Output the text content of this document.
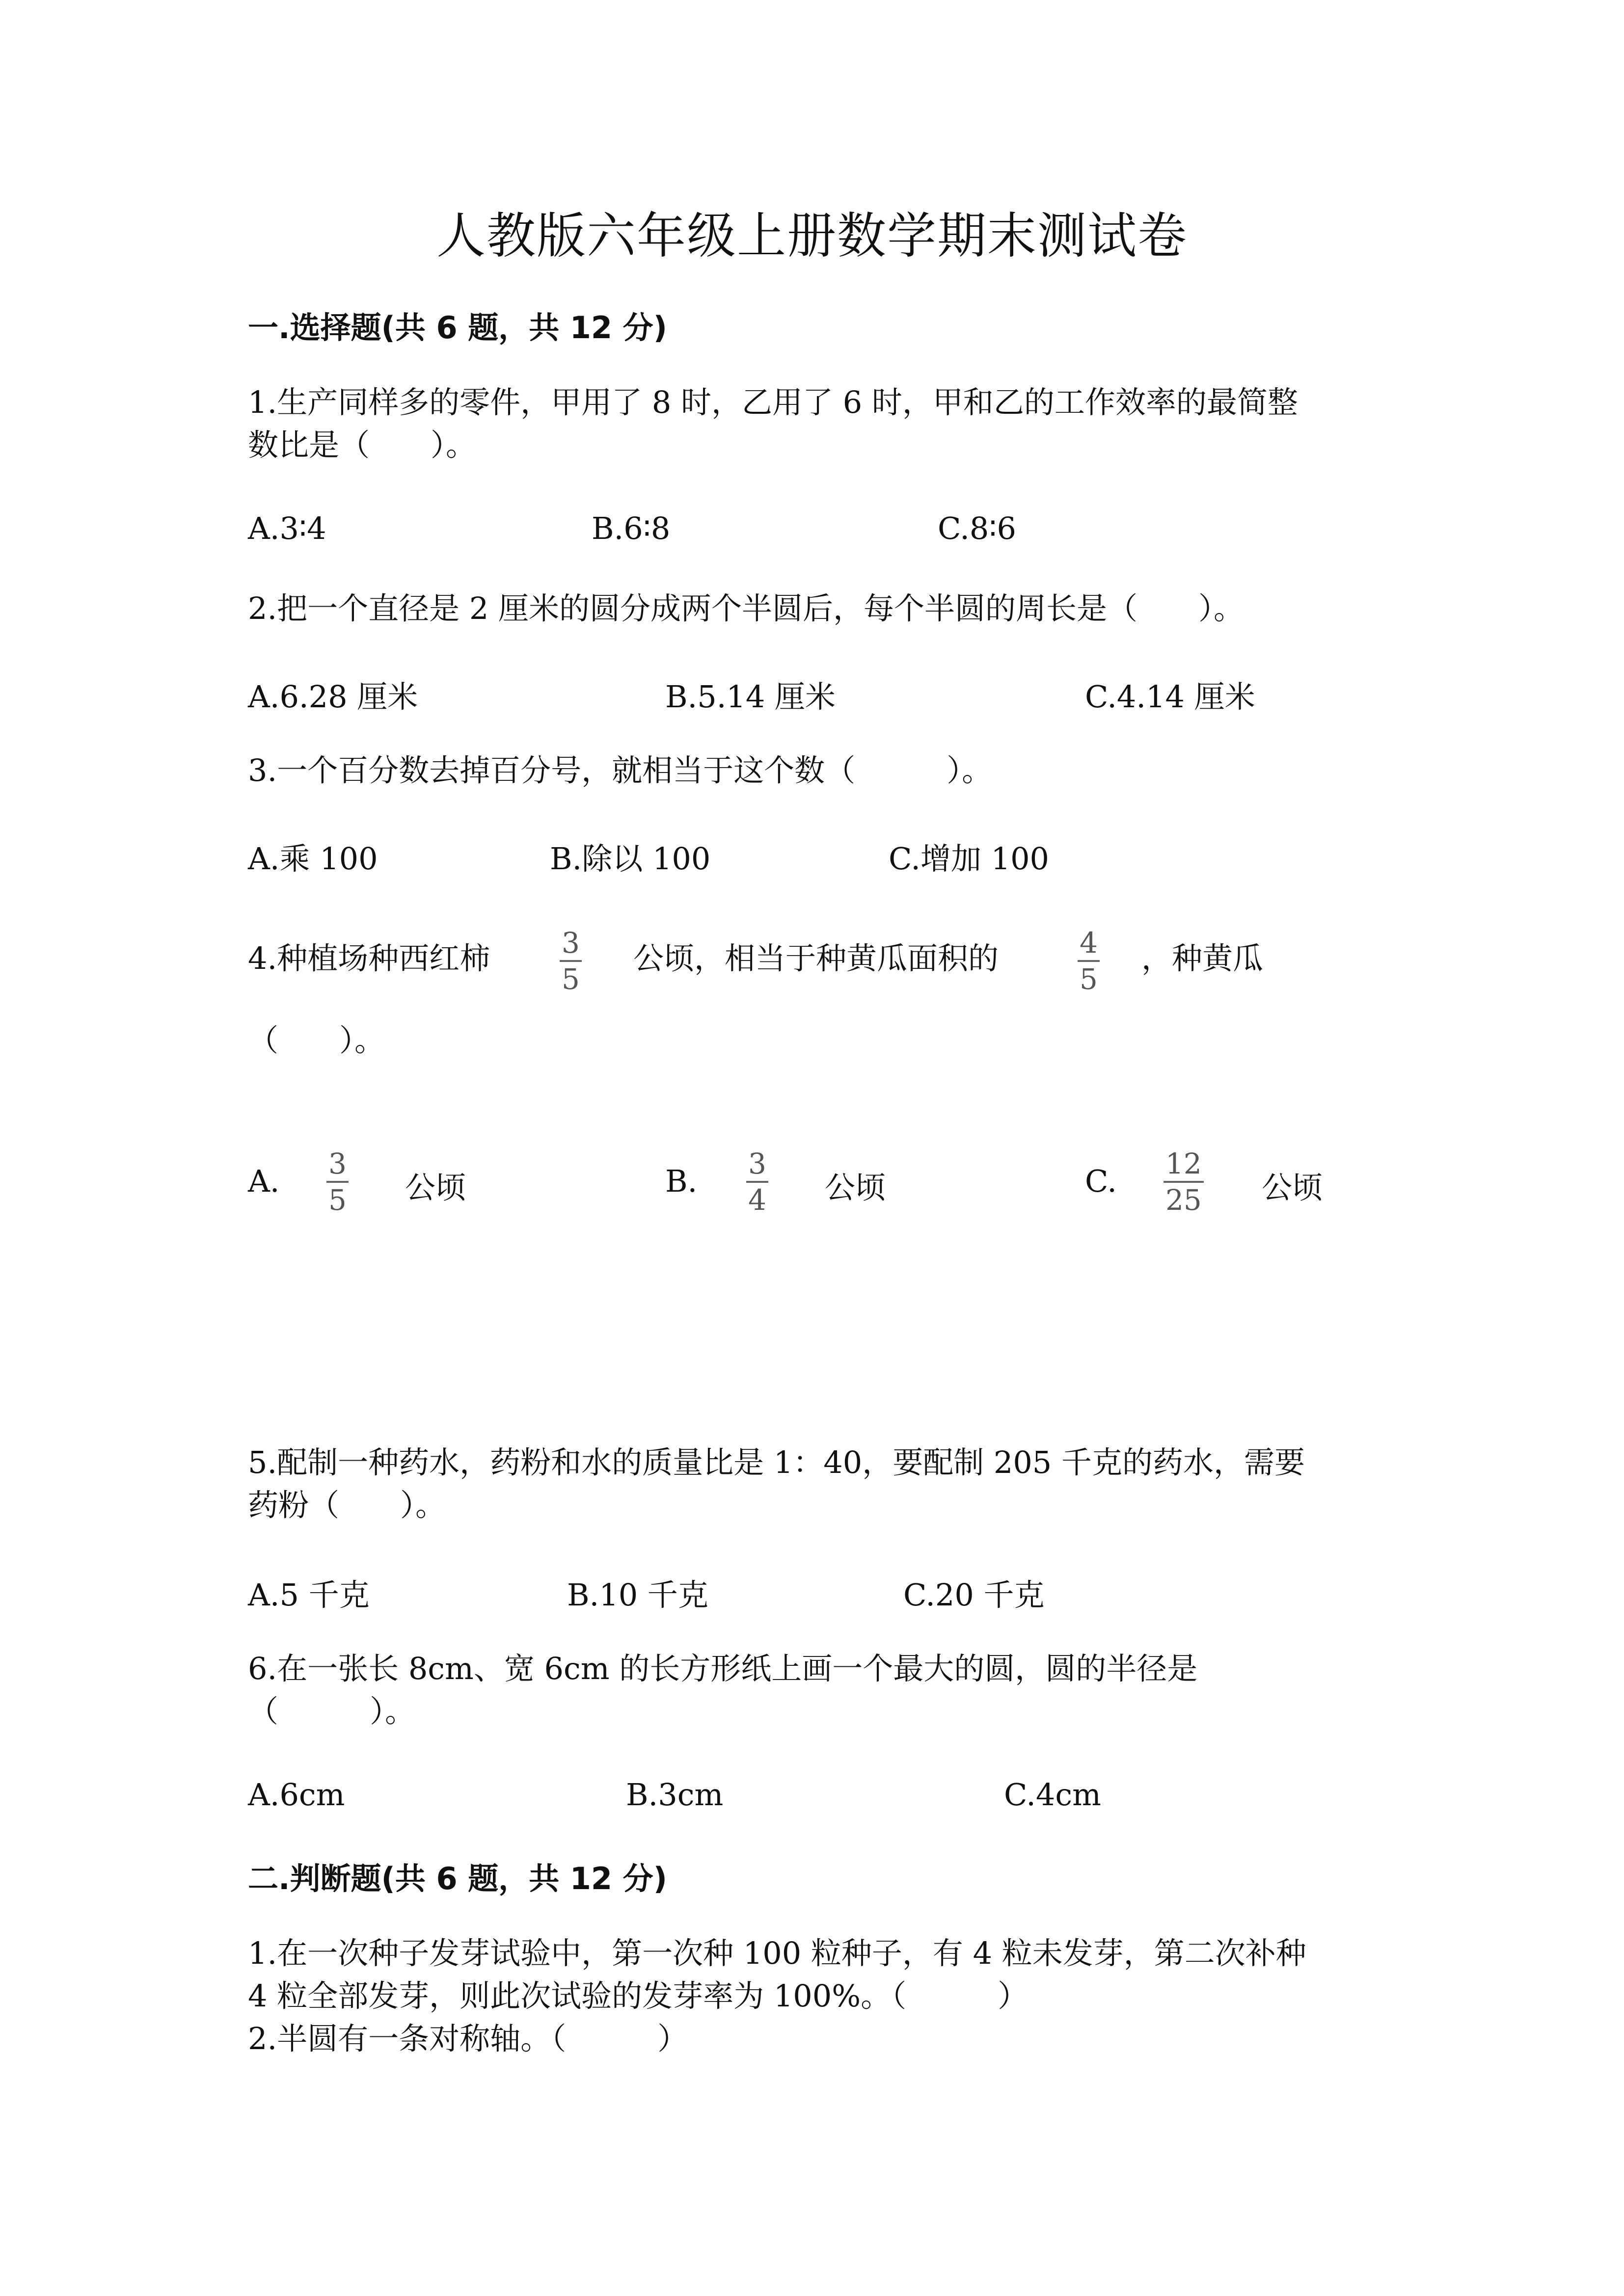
人教版六年级上册数学期末测试卷
一.选择题(共 6 题，共 12 分)
1.生产同样多的零件，甲用了 8 时，乙用了 6 时，甲和乙的工作效率的最简整
数比是（　　）。
A.3∶4	B.6∶8	C.8∶6
2.把一个直径是 2 厘米的圆分成两个半圆后，每个半圆的周长是（　　）。
A.6.28 厘米	B.5.14 厘米	C.4.14 厘米
3.一个百分数去掉百分号，就相当于这个数（　　　）。
A.乘 100	B.除以 100	C.增加 100
4.种植场种西红柿	3
5
公顷，相当于种黄瓜面积的	4
5
，种黄瓜
（　　）。
A. 3
5 公顷	B. 3
4 公顷	C. 12
25 公顷
5.配制一种药水，药粉和水的质量比是 1：40，要配制 205 千克的药水，需要
药粉（　　）。
A.5 千克	B.10 千克	C.20 千克
6.在一张长 8cm、宽 6cm 的长方形纸上画一个最大的圆，圆的半径是
（　　　）。
A.6cm	B.3cm	C.4cm
二.判断题(共 6 题，共 12 分)
1.在一次种子发芽试验中，第一次种 100 粒种子，有 4 粒未发芽，第二次补种
4 粒全部发芽，则此次试验的发芽率为 100%。（　　　）
2.半圆有一条对称轴。（　　　）
